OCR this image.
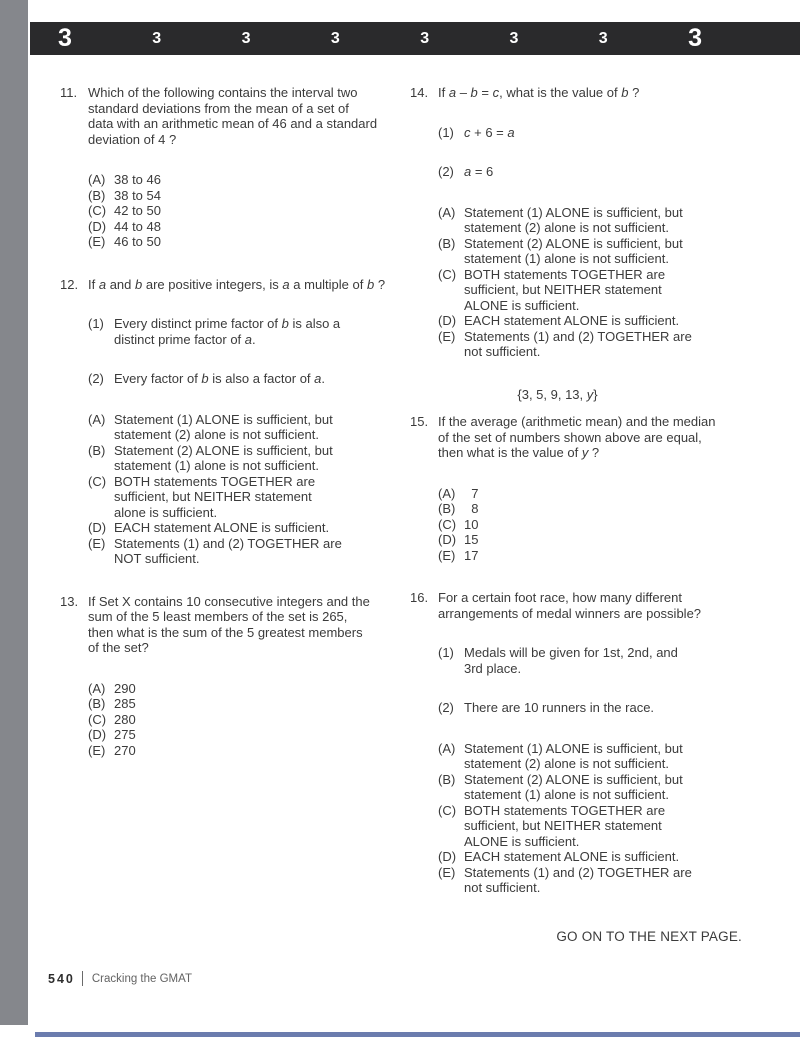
3	3	3	3	3	3	3	3
11. Which of the following contains the interval two
standard deviations from the mean of a set of
data with an arithmetic mean of 46 and a standard
deviation of 4 ?
(A) 38 to 46
(B) 38 to 54
(C) 42 to 50
(D) 44 to 48
(E) 46 to 50
12. If a and b are positive integers, is a a multiple of b ?
(1) Every distinct prime factor of b is also a
distinct prime factor of a.
(2) Every factor of b is also a factor of a.
(A) Statement (1) ALONE is sufficient, but
statement (2) alone is not sufficient.
(B) Statement (2) ALONE is sufficient, but
statement (1) alone is not sufficient.
(C) BOTH statements TOGETHER are
sufficient, but NEITHER statement
alone is sufficient.
(D) EACH statement ALONE is sufficient.
(E) Statements (1) and (2) TOGETHER are
NOT sufficient.
13. If Set X contains 10 consecutive integers and the
sum of the 5 least members of the set is 265,
then what is the sum of the 5 greatest members
of the set?
(A) 290
(B) 285
(C) 280
(D) 275
(E) 270
14. If a – b = c, what is the value of b ?
(1) c + 6 = a
(2) a = 6
(A) Statement (1) ALONE is sufficient, but
statement (2) alone is not sufficient.
(B) Statement (2) ALONE is sufficient, but
statement (1) alone is not sufficient.
(C) BOTH statements TOGETHER are
sufficient, but NEITHER statement
ALONE is sufficient.
(D) EACH statement ALONE is sufficient.
(E) Statements (1) and (2) TOGETHER are
not sufficient.
{3, 5, 9, 13, y}
15. If the average (arithmetic mean) and the median
of the set of numbers shown above are equal,
then what is the value of y ?
(A)  7
(B)  8
(C) 10
(D) 15
(E) 17
16. For a certain foot race, how many different
arrangements of medal winners are possible?
(1) Medals will be given for 1st, 2nd, and
3rd place.
(2) There are 10 runners in the race.
(A) Statement (1) ALONE is sufficient, but
statement (2) alone is not sufficient.
(B) Statement (2) ALONE is sufficient, but
statement (1) alone is not sufficient.
(C) BOTH statements TOGETHER are
sufficient, but NEITHER statement
ALONE is sufficient.
(D) EACH statement ALONE is sufficient.
(E) Statements (1) and (2) TOGETHER are
not sufficient.
GO ON TO THE NEXT PAGE.
540 Cracking the GMAT
